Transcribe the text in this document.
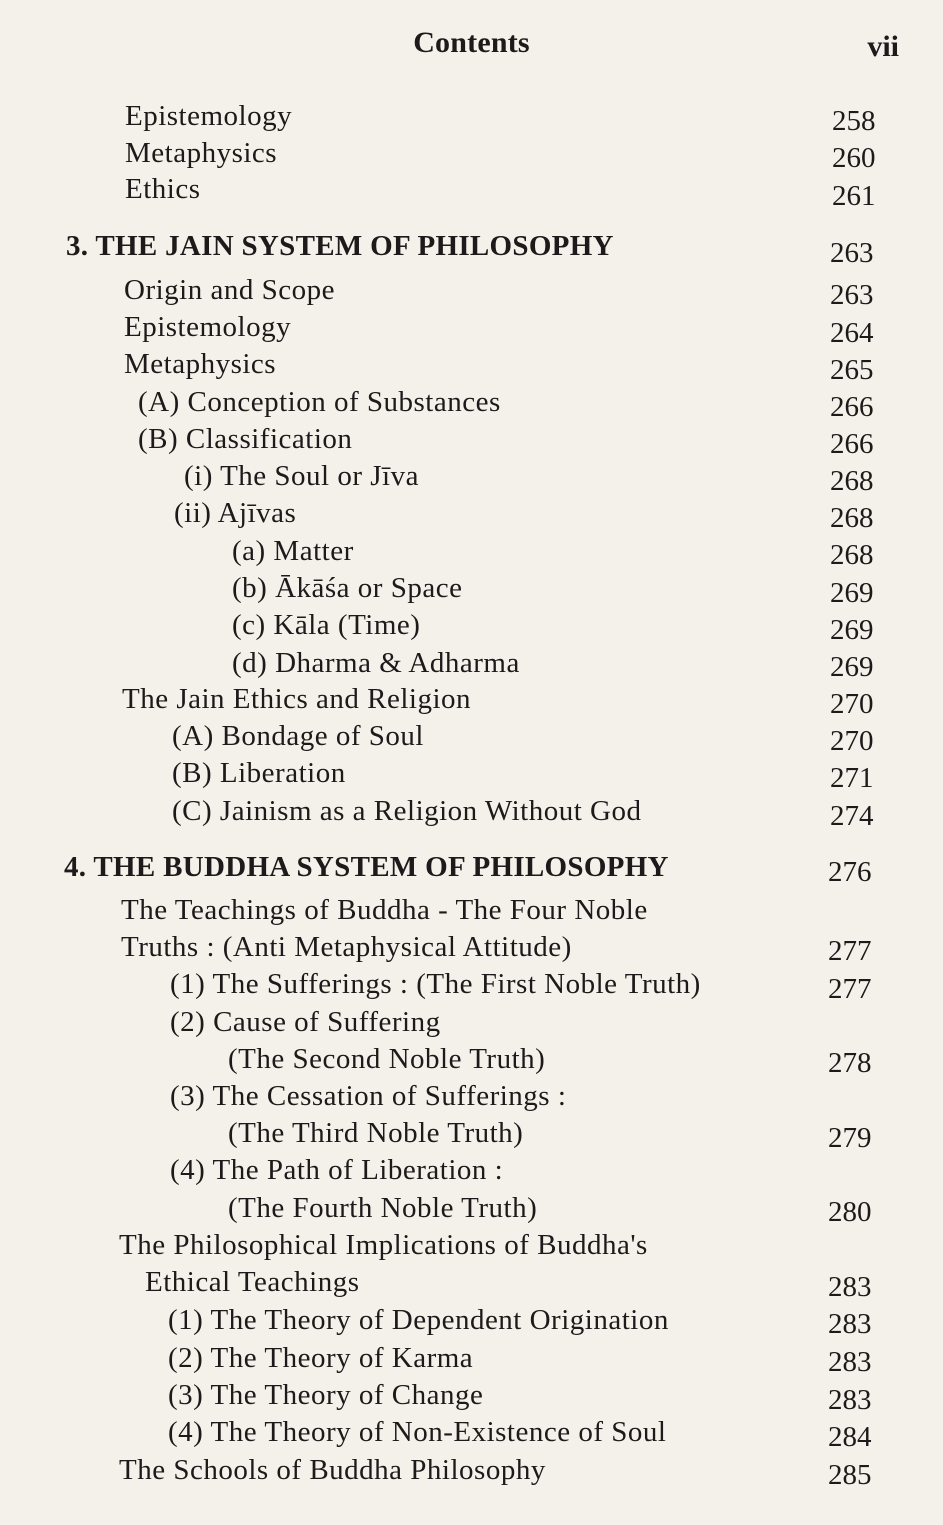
Contents	vii
Epistemology	258
Metaphysics	260
Ethics	261
3. THE JAIN SYSTEM OF PHILOSOPHY	263
Origin and Scope	263
Epistemology	264
Metaphysics	265
(A) Conception of Substances	266
(B) Classification	266
(i) The Soul or Jīva	268
(ii) Ajīvas	268
(a) Matter	268
(b) Ākāśa or Space	269
(c) Kāla (Time)	269
(d) Dharma & Adharma	269
The Jain Ethics and Religion	270
(A) Bondage of Soul	270
(B) Liberation	271
(C) Jainism as a Religion Without God	274
4. THE BUDDHA SYSTEM OF PHILOSOPHY	276
The Teachings of Buddha - The Four Noble
Truths : (Anti Metaphysical Attitude)	277
(1) The Sufferings : (The First Noble Truth)	277
(2) Cause of Suffering
(The Second Noble Truth)	278
(3) The Cessation of Sufferings :
(The Third Noble Truth)	279
(4) The Path of Liberation :
(The Fourth Noble Truth)	280
The Philosophical Implications of Buddha's
Ethical Teachings	283
(1) The Theory of Dependent Origination	283
(2) The Theory of Karma	283
(3) The Theory of Change	283
(4) The Theory of Non-Existence of Soul	284
The Schools of Buddha Philosophy	285
